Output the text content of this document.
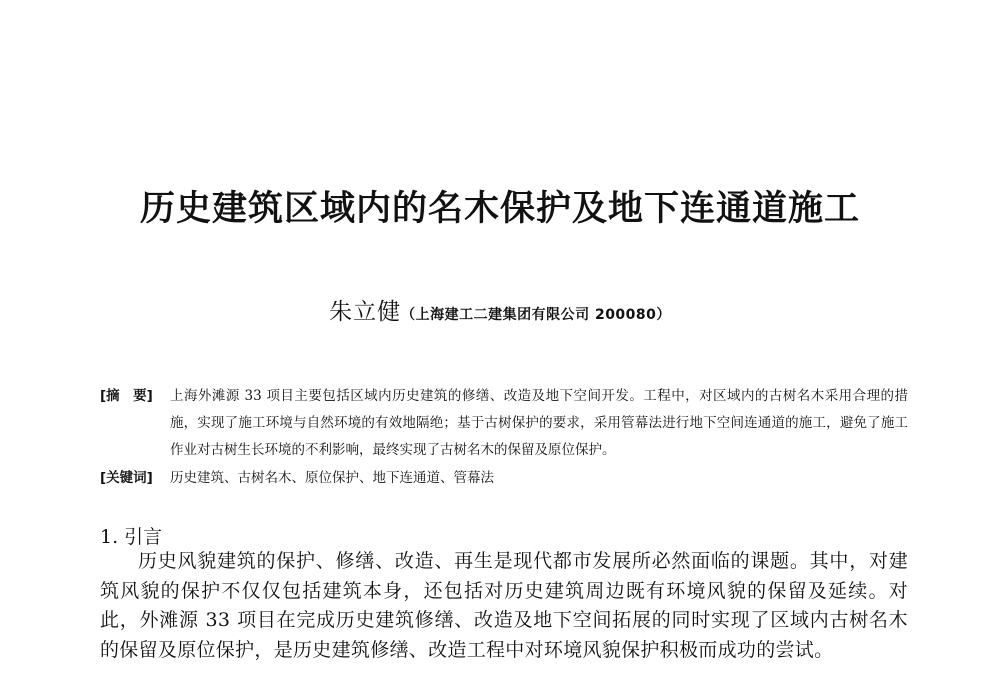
历史建筑区域内的名木保护及地下连通道施工
朱立健（上海建工二建集团有限公司 200080）
[摘　要]	上海外滩源 33 项目主要包括区域内历史建筑的修缮、改造及地下空间开发。工程中，对区域内的古树名木采用合理的措施，实现了施工环境与自然环境的有效地隔绝；基于古树保护的要求，采用管幕法进行地下空间连通道的施工，避免了施工作业对古树生长环境的不利影响，最终实现了古树名木的保留及原位保护。
[关键词]	历史建筑、古树名木、原位保护、地下连通道、管幕法
1. 引言

历史风貌建筑的保护、修缮、改造、再生是现代都市发展所必然面临的课题。其中，对建筑风貌的保护不仅仅包括建筑本身，还包括对历史建筑周边既有环境风貌的保留及延续。对此，外滩源 33 项目在完成历史建筑修缮、改造及地下空间拓展的同时实现了区域内古树名木的保留及原位保护，是历史建筑修缮、改造工程中对环境风貌保护积极而成功的尝试。
